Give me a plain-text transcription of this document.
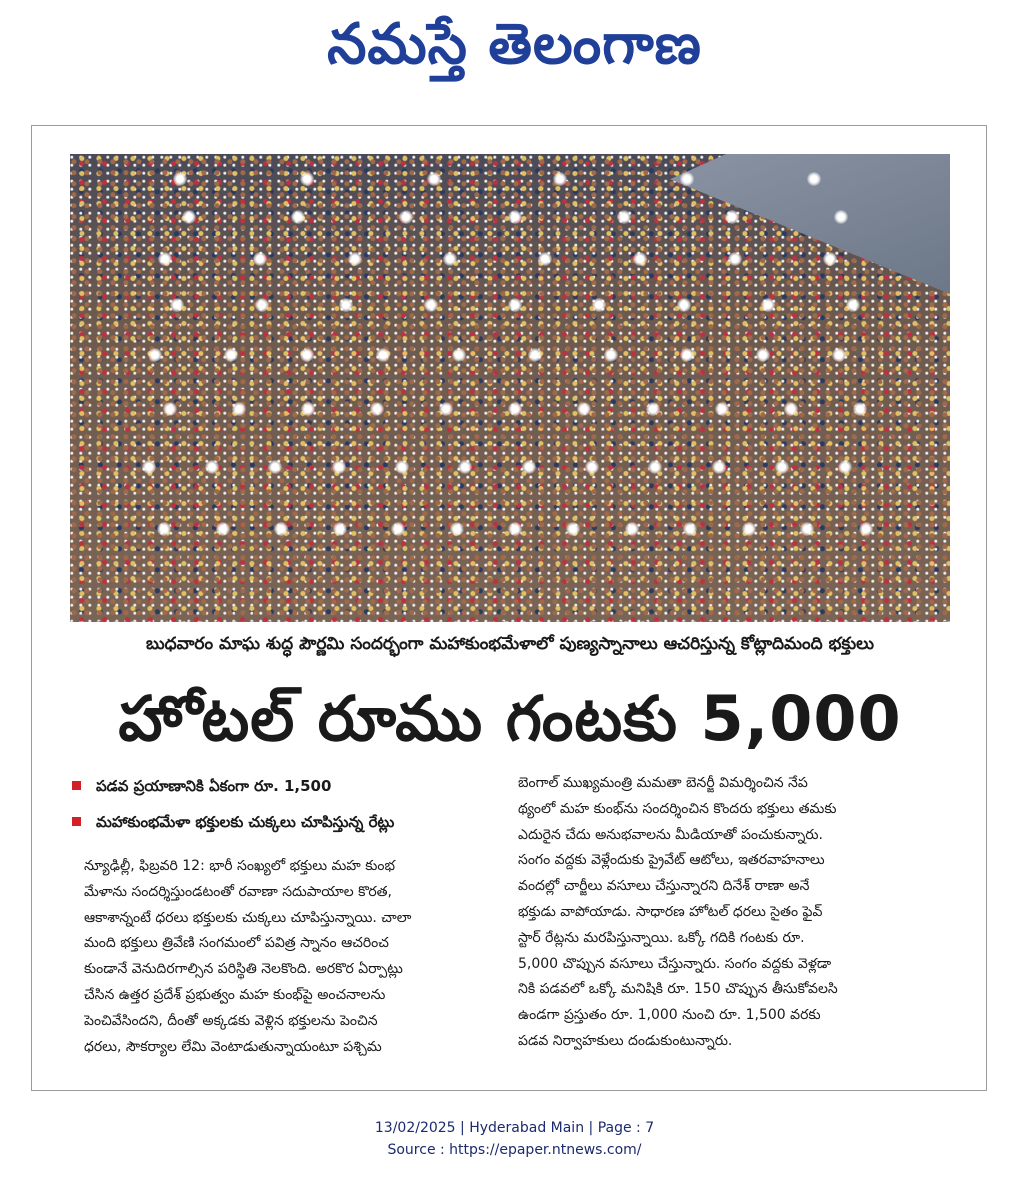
నమస్తే తెలంగాణ
బుధవారం మాఘ శుద్ధ పౌర్ణమి సందర్భంగా మహాకుంభమేళాలో పుణ్యస్నానాలు ఆచరిస్తున్న కోట్లాదిమంది భక్తులు
హోటల్ రూము గంటకు 5,000
పడవ ప్రయాణానికి ఏకంగా రూ. 1,500
మహాకుంభమేళా భక్తులకు చుక్కలు చూపిస్తున్న రేట్లు
న్యూఢిల్లీ, ఫిబ్రవరి 12: భారీ సంఖ్యలో భక్తులు మహ కుంభ
మేళాను సందర్శిస్తుండటంతో రవాణా సదుపాయాల కొరత,
ఆకాశాన్నంటే ధరలు భక్తులకు చుక్కలు చూపిస్తున్నాయి. చాలా
మంది భక్తులు త్రివేణి సంగమంలో పవిత్ర స్నానం ఆచరించ
కుండానే వెనుదిరగాల్సిన పరిస్థితి నెలకొంది. అరకొర ఏర్పాట్లు
చేసిన ఉత్తర ప్రదేశ్ ప్రభుత్వం మహ కుంభ్‌పై అంచనాలను
పెంచివేసిందని, దీంతో అక్కడకు వెళ్లిన భక్తులను పెంచిన
ధరలు, సౌకర్యాల లేమి వెంటాడుతున్నాయంటూ పశ్చిమ
బెంగాల్ ముఖ్యమంత్రి మమతా బెనర్జీ విమర్శించిన నేప
థ్యంలో మహ కుంభ్‌ను సందర్శించిన కొందరు భక్తులు తమకు
ఎదురైన చేదు అనుభవాలను మీడియాతో పంచుకున్నారు.
సంగం వద్దకు వెళ్లేందుకు ప్రైవేట్ ఆటోలు, ఇతరవాహనాలు
వందల్లో చార్జీలు వసూలు చేస్తున్నారని దినేశ్ రాణా అనే
భక్తుడు వాపోయాడు. సాధారణ హోటల్ ధరలు సైతం ఫైవ్
స్టార్ రేట్లను మరపిస్తున్నాయి. ఒక్కో గదికి గంటకు రూ.
5,000 చొప్పున వసూలు చేస్తున్నారు. సంగం వద్దకు వెళ్లడా
నికి పడవలో ఒక్కో మనిషికి రూ. 150 చొప్పున తీసుకోవలసి
ఉండగా ప్రస్తుతం రూ. 1,000 నుంచి రూ. 1,500 వరకు
పడవ నిర్వాహకులు దండుకుంటున్నారు.
13/02/2025 | Hyderabad Main | Page : 7
Source : https://epaper.ntnews.com/
